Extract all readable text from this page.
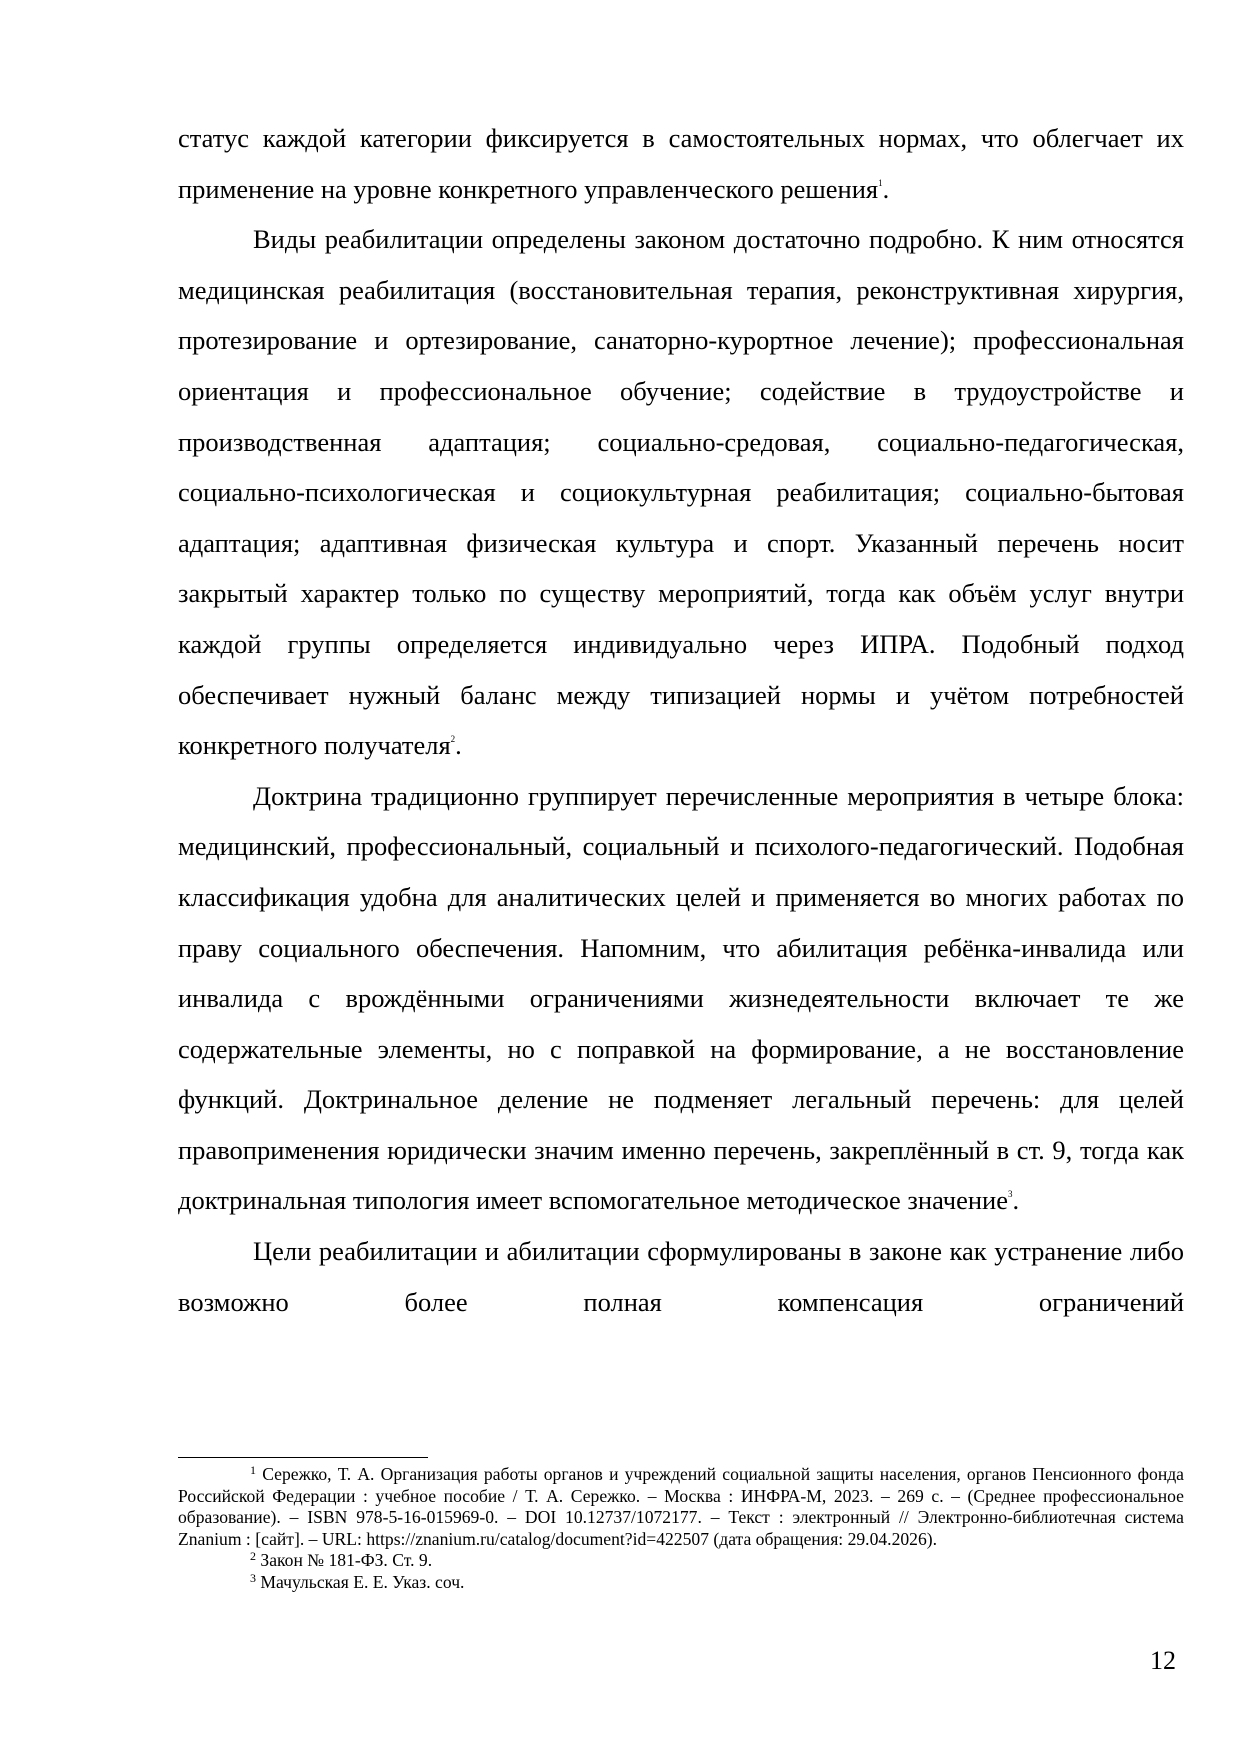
статус каждой категории фиксируется в самостоятельных нормах, что облегчает их применение на уровне конкретного управленческого решения$^1$.

Виды реабилитации определены законом достаточно подробно. К ним относятся медицинская реабилитация (восстановительная терапия, реконструктивная хирургия, протезирование и ортезирование, санаторно-курортное лечение); профессиональная ориентация и профессиональное обучение; содействие в трудоустройстве и производственная адаптация; социально-средовая, социально-педагогическая, социально-психологическая и социокультурная реабилитация; социально-бытовая адаптация; адаптивная физическая культура и спорт. Указанный перечень носит закрытый характер только по существу мероприятий, тогда как объём услуг внутри каждой группы определяется индивидуально через ИПРА. Подобный подход обеспечивает нужный баланс между типизацией нормы и учётом потребностей конкретного получателя$^2$.

Доктрина традиционно группирует перечисленные мероприятия в четыре блока: медицинский, профессиональный, социальный и психолого-педагогический. Подобная классификация удобна для аналитических целей и применяется во многих работах по праву социального обеспечения. Напомним, что абилитация ребёнка-инвалида или инвалида с врождёнными ограничениями жизнедеятельности включает те же содержательные элементы, но с поправкой на формирование, а не восстановление функций. Доктринальное деление не подменяет легальный перечень: для целей правоприменения юридически значим именно перечень, закреплённый в ст. 9, тогда как доктринальная типология имеет вспомогательное методическое значение$^3$.

Цели реабилитации и абилитации сформулированы в законе как устранение либо возможно более полная компенсация ограничений

$^1$ Сережко, Т. А. Организация работы органов и учреждений социальной защиты населения, органов Пенсионного фонда Российской Федерации : учебное пособие / Т. А. Сережко. – Москва : ИНФРА-М, 2023. – 269 с. – (Среднее профессиональное образование). – ISBN 978-5-16-015969-0. – DOI 10.12737/1072177. – Текст : электронный // Электронно-библиотечная система Znanium : [сайт]. – URL: https://znanium.ru/catalog/document?id=422507 (дата обращения: 29.04.2026).

$^2$ Закон № 181-ФЗ. Ст. 9.

$^3$ Мачульская Е. Е. Указ. соч.

12
